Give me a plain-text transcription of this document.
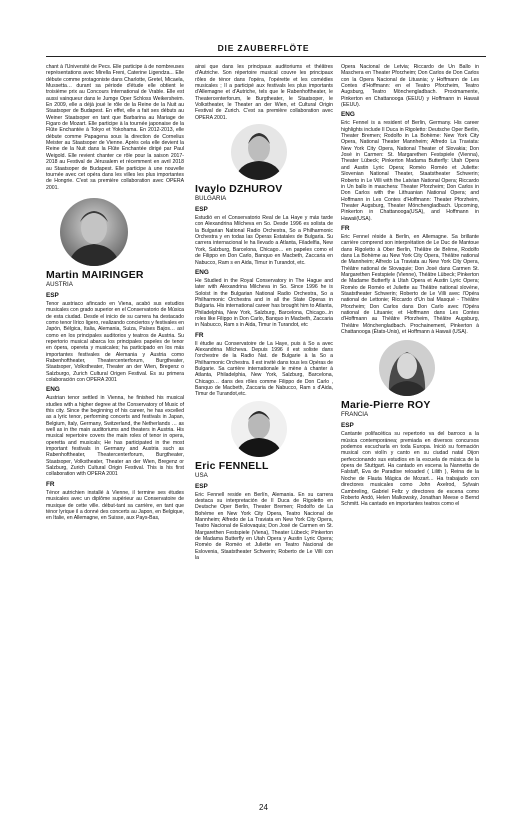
DIE ZAUBERFLÖTE

chant à l'Université de Pecs. Elle participe à de nombreuses représentations avec Mirella Freni, Caterine Ligendza... Elle débute comme protagoniste dans Charlotte, Gretel, Micaela, Mussetta… durant sa période d'étude elle obtient le troisième prix au Concours International de Vrable. Elle est aussi vainqueur dans le Jumge Oper Schloss Weikersheim. En 2009, elle a déjà joué le rôle de la Reine de la Nuit au Staatsoper de Budapest. En effet, elle a fait ses débuts au Weiner Staatsoper en tant que Barbarina au Mariage de Figaro de Mozart. Elle participe à la tournée japonaise de la Flûte Enchantée à Tokyo et Yokohama. En 2012-2013, elle débute comme Papagena sous la direction de Cornelius Meister au Staatsoper de Vienne. Après cela elle devient la Reine de la Nuit dans la Flûte Enchantée dirigé par Paul Weigold. Elle revient chanter ce rôle pour la saison 2017-2018 au Festival de Jérusalem et récemment en avril 2018 au Staatsoper de Budapest. Elle participe à une nouvelle tournée avec cet opéra dans les villes les plus importantes de Hongrie. C'est sa première collaboration avec OPERA 2001.

Martin MAIRINGER
AUSTRIA
ESP

Tenor austriaco afincado en Viena, acabó sus estudios musicales con grado superior en el Conservatorio de Música de esta ciudad. Desde el inicio de su carrera ha destacado como tenor lírico ligero, realizando conciertos y festivales en Japón, Bélgica, Italia, Alemania, Suiza, Países Bajos… así como en los principales auditorios y teatros de Austria. Su repertorio musical abarca los principales papeles de tenor en ópera, opereta y musicales; ha participado en los más importantes festivales de Alemania y Austria como Rabenhoftheater, Theatercenterforum, Burgtheater, Staatsoper, Volkstheater, Theater an der Wien, Bregenz o Salzburgo, Zurich Cultural Origen Festival. Es su primera colaboración con OPERA 2001

ENG

Austrian tenor settled in Vienna, he finished his musical studies with a higher degree at the Conservatory of Music of this city. Since the beginning of his career, he has excelled as a lyric tenor, performing concerts and festivals in Japan, Belgium, Italy, Germany, Switzerland, the Netherlands … as well as in the main auditoriums and theaters in Austria. His musical repertoire covers the main roles of tenor in opera, operetta and musicals; He has participated in the most important festivals in Germany and Austria such as Rabenhoftheater, Theatercenterforum, Burgtheater, Staatsoper, Volkstheater, Theater an der Wien, Bregenz or Salzburg, Zurich Cultural Origin Festival. This is his first collaboration with OPERA 2001

FR

Ténor autrichien installé à Vienne, il termine ses études musicales avec un diplôme supérieur au Conservatoire de musique de cette ville. début-tant sa carrière, en tant que ténor lyrique il a donné des concerts au Japon, en Belgique, en Italie, en Allemagne, en Suisse, aux Pays-Bas,

ainsi que dans les principaux auditoriums et théâtres d'Autriche. Son répertoire musical couvre les principaux rôles de ténor dans l'opéra, l'opérette et les comédies musicales ; Il a participé aux festivals les plus importants d'Allemagne et d'Autriche, tels que le Rabenhoftheater, le Theatercenterforum, le Burgtheater, le Staatsoper, le Volkstheater, le Theater an der Wien, et Cultural Origin Festival de Zurich. C'est sa première collaboration avec OPERA 2001.

Ivaylo DZHUROV
BULGARIA
ESP

Estudió en el Conservatorio Real de La Haye y más tarde con Alexandrina Milcheva en So. Desde 1996 es solista de la Bulgarian National Radio Orchestra, So a Philharmonic Orchestra y en todas las Óperas Estatales de Bulgaria. Su carrera internacional le ha llevado a Atlanta, Filadelfia, New York, Salzburg, Barcelona, Chicago… en papeles como el de Filippo en Don Carlo, Banquo en Macbeth, Zaccaria en Nabucco, Ram s en Aida, Timur in Turandot, etc.

ENG

He Studied in the Royal Conservatory in The Hague and later with Alexandrina Milcheva in So. Since 1996 he is Soloist in the Bulgarian National Radio Orchestra, So a Philharmonic Orchestra and in all the State Operas in Bulgaria. His international career has brought him to Atlanta, Philadelphia, New York, Salzburg, Barcelona, Chicago...in roles like Filippo in Don Carlo, Banquo in Macbeth, Zaccaria in Nabucco, Ram s in Aida, Timur in Turandot, etc

FR

Il étudie au Conservatoire de La Haye, puis à So a avec Alexandrina Milcheva. Depuis 1996 il est soliste dans l'orchestre de la Radio Nat. de Bulgarie à la So a Philharmonic Orchestra. Il est invité dans tous les Opéras de Bulgarie. Sa carrière internationale le mène à chanter à Atlanta, Philadelphia, New York, Salzburg, Barcelona, Chicago… dans des rôles comme Filippo de Don Carlo , Banquo de Macbeth, Zaccaria de Nabucco, Ram s d'Aida, Timur de Turandot,etc.

Eric FENNELL
USA
ESP

Eric Fennell reside en Berlín, Alemania. En su carrera destaca su interpretación de Il Duca de Rigoletto en Deutsche Oper Berlin, Theater Bremen; Rodolfo de La Bohème en New York City Opera, Teatro Nacional de Mannheim; Alfredo de La Traviata en New York City Opera, Teatro Nacional de Eslovaquia; Don José de Carmen en St. Margarethen Festspiele (Viena), Theater Lübeck; Pinkerton de Madama Butterfly en Utah Opera y Austin Lyric Opera; Roméo de Roméo et Juliette en Teatro Nacional de Eslovenia, Staatstheater Schwerin; Roberto de Le Villi con la

Opera Nacional de Letvia; Riccardo de Un Ballo in Maschera en Theater Pforzheim; Don Carlos de Don Carlos con la Opera Nacional de Lituania; y Hoffmann de Les Contes d'Hoffmann: en el Teatro Pforzheim, Teatro Augsburg, Teatro Mönchengladbach. Proximamente, Pinkerton en Chattanooga (EEUU) y Hoffmann in Hawaii (EEUU).

ENG

Eric Fennel is a resident of Berlin, Germany. His career highlights include Il Duca in Rigoletto: Deutsche Oper Berlin, Theater Bremen; Rodolfo in La Bohème: New York City Opera, National Theater Mannheim; Alfredo La Traviata: New York City Opera, National Theater of Slovakia; Don José in Carmen: St. Margarethen Festspiele (Vienna), Theater Lübeck; Pinkerton Madama Butterfly: Utah Opera and Austin Lyric Opera; Roméo Roméo et Juliette: Slovenian National Theater, Staatstheater Schwerin; Roberto in Le Villi with the Latvian National Opera; Riccardo in Un ballo in maschera: Theater Pforzheim; Don Carlos in Don Carlos with the Lithuanian National Opera; and Hoffmann in Les Contes d'Hoffmann: Theater Pforzheim, Theater Augsburg, Theater Mönchengladbach. Upcoming, Pinkerton in Chattanooga(USA), and Hoffmann in Hawaii(USA).

FR

Eric Fennel réside à Berlin, en Allemagne. Sa brillante carrière comprend son interprétation de Le Duc de Mantoue dans Rigoletto à Ober Berlin, Théâtre de Brême, Rodolfo dans La Bohème au New York City Opera, Théâtre national de Mannheim; Alfredo La Traviata au New York City Opera, Théâtre national de Slovaquie; Don José dans Carmen St. Margarethen Festspiele (Vienne), Théâtre Lübeck; Pinkerton de Madame Butterfly à Utah Opera et Austin Lyric Opera; Roméo de Roméo et Juliette au Théâtre national slovène, Staatstheater Schwerin; Roberto de Le Villi avec l'Opéra national de Lettonie; Riccardo d'Un bal Masqué - Théâtre Pforzheim; Don Carlos dans Don Carlo avec l'Opéra national de Lituanie; et Hoffmann dans Les Contes d'Hoffmann au Théâtre Pforzheim, Théâtre Augsburg, Théâtre Mönchengladbach. Prochainement, Pinkerton à Chattanooga (États-Unis), et Hoffmann à Hawaii (USA).

Marie-Pierre ROY
FRANCIA
ESP

Cantante polifacética su repertorio va del barroco a la música contemporánea; premiada en diversos concursos podemos escucharla en toda Europa. Inició su formación musical con violín y canto en su ciudad natal Dijon perfeccionando sus estudios en la escuela de música de la ópera de Stuttgart. Ha cantado en escena la Nannetta de Falstaff, Eva de Paradise reloaded ( Lilith ), Reina de la Noche de Flauta Mágica de Mozart… Ha trabajado con directores musicales como John Axelrod, Sylvain Cambreling, Gabriel Feltz y directores de escena como Roberto Andó, Helen Malkowsky, Jonathan Meese o Bernd Schmitt. Ha cantado en importantes teatros como el

24
